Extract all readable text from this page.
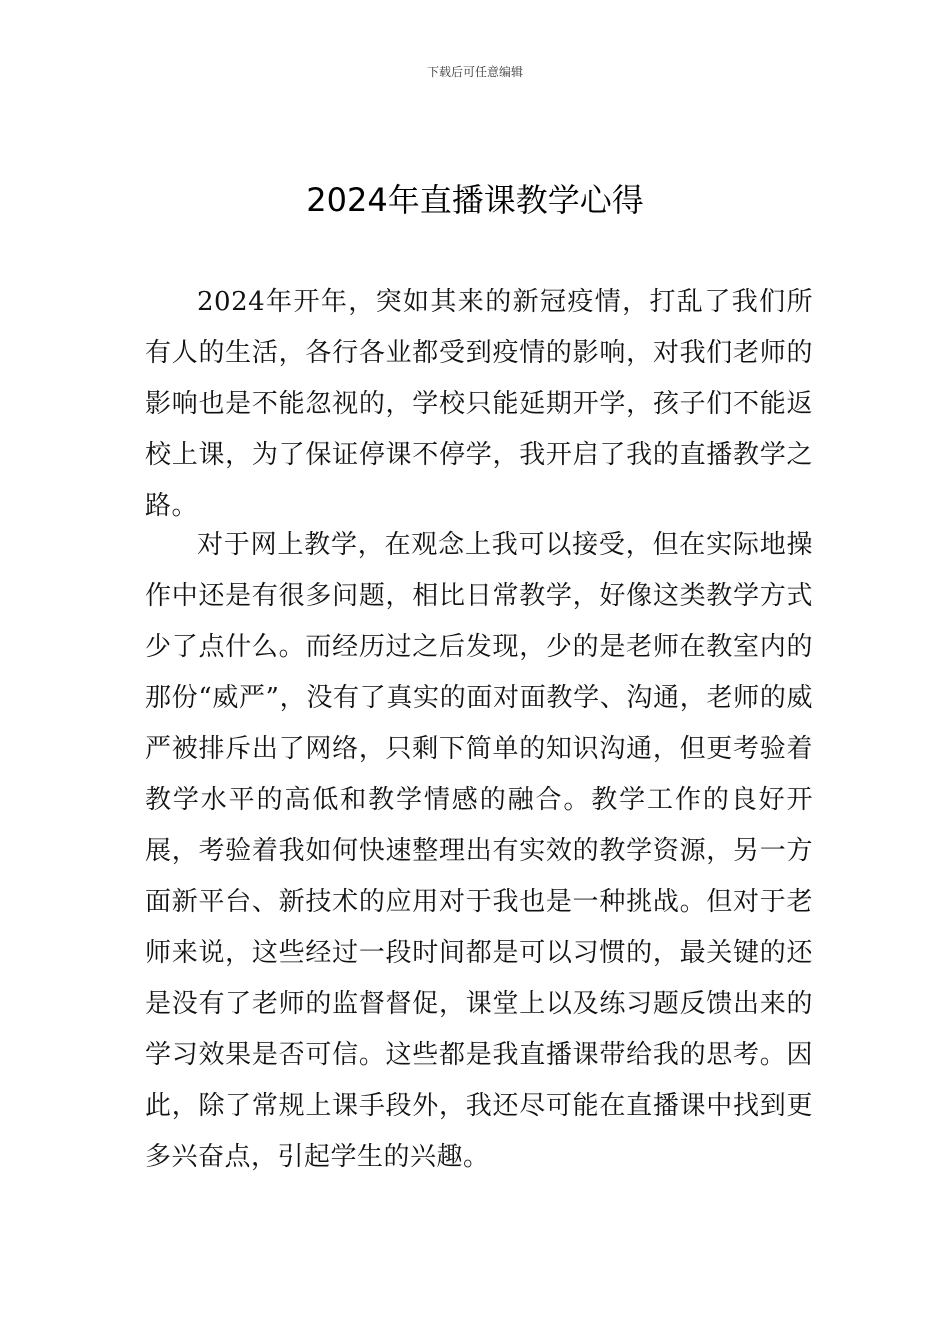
下载后可任意编辑
2024年直播课教学心得

2024年开年，突如其来的新冠疫情，打乱了我们所有人的生活，各行各业都受到疫情的影响，对我们老师的影响也是不能忽视的，学校只能延期开学，孩子们不能返校上课，为了保证停课不停学，我开启了我的直播教学之路。

对于网上教学，在观念上我可以接受，但在实际地操作中还是有很多问题，相比日常教学，好像这类教学方式少了点什么。而经历过之后发现，少的是老师在教室内的那份“威严”，没有了真实的面对面教学、沟通，老师的威严被排斥出了网络，只剩下简单的知识沟通，但更考验着教学水平的高低和教学情感的融合。教学工作的良好开展，考验着我如何快速整理出有实效的教学资源，另一方面新平台、新技术的应用对于我也是一种挑战。但对于老师来说，这些经过一段时间都是可以习惯的，最关键的还是没有了老师的监督督促，课堂上以及练习题反馈出来的学习效果是否可信。这些都是我直播课带给我的思考。因此，除了常规上课手段外，我还尽可能在直播课中找到更多兴奋点，引起学生的兴趣。
